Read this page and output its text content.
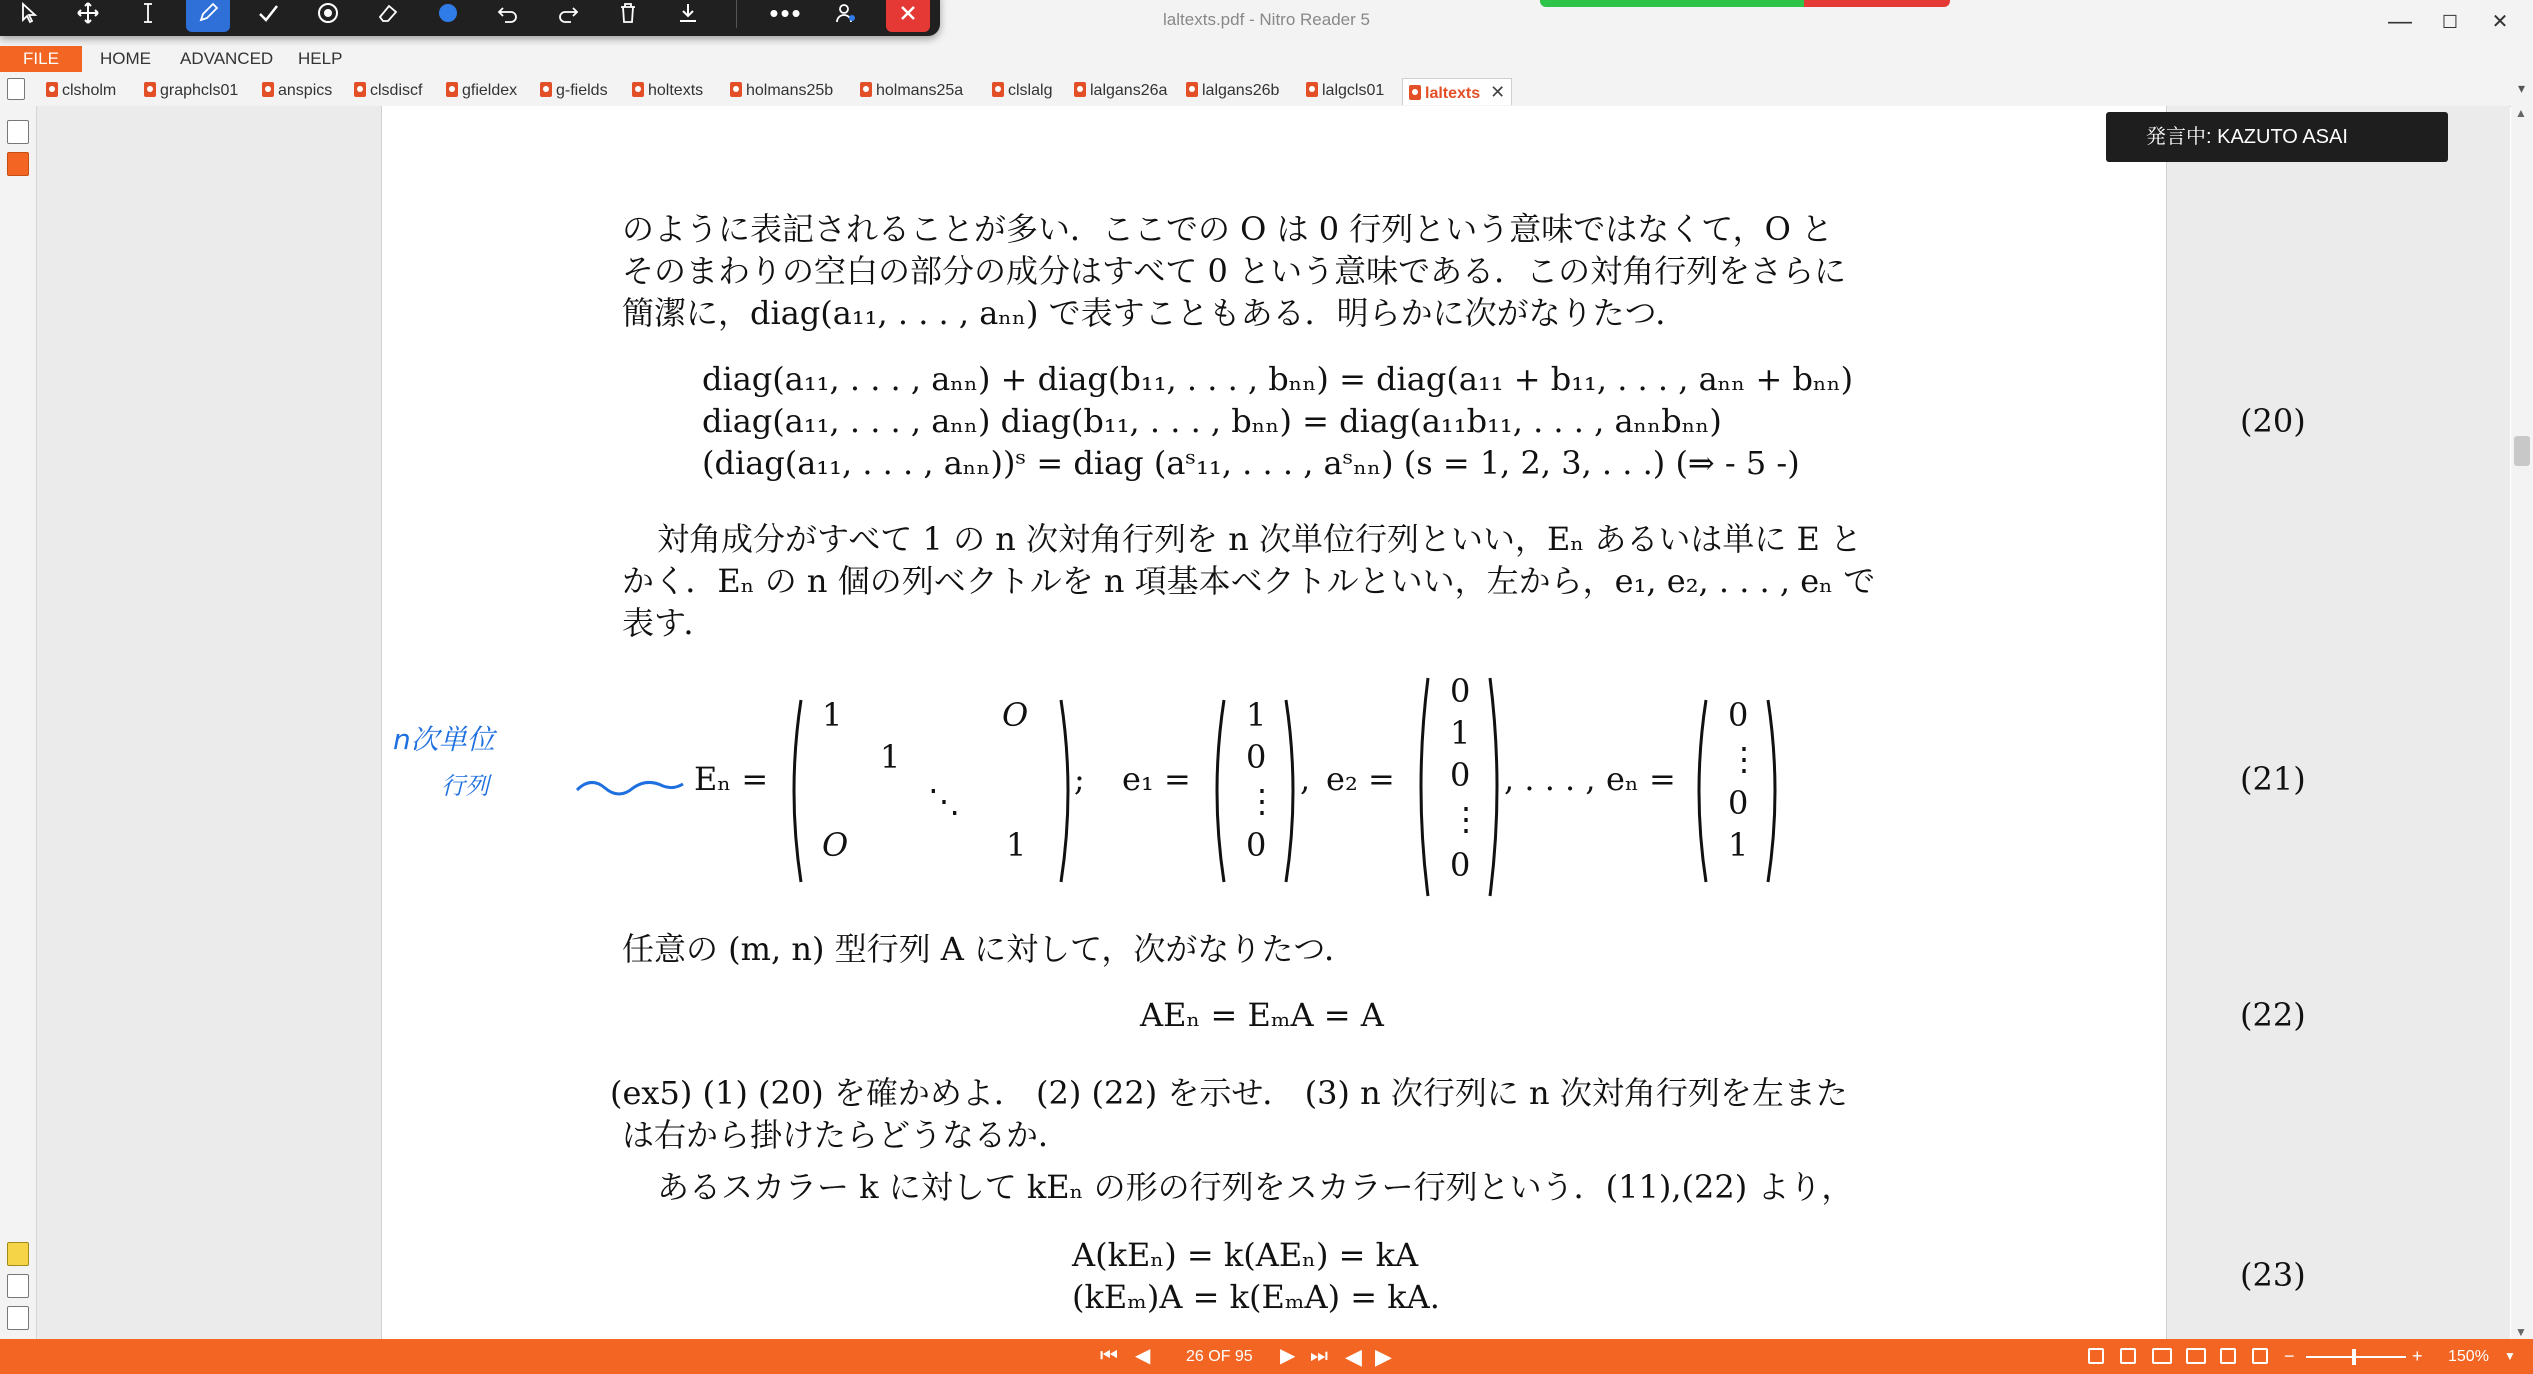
laltexts.pdf - Nitro Reader 5	—	☐	✕
•••
FILE	HOME ADVANCED HELP
clsholm	graphcls01	anspics	clsdiscf	gfieldex	g-fields	holtexts	holmans25b	holmans25a	clslalg	lalgans26a	lalgans26b	lalgcls01	laltexts ✕	▾
のように表記されることが多い．ここでの O は 0 行列という意味ではなくて，O と
そのまわりの空白の部分の成分はすべて 0 という意味である．この対角行列をさらに
簡潔に，diag(a₁₁, . . . , aₙₙ) で表すこともある．明らかに次がなりたつ．
diag(a₁₁, . . . , aₙₙ) + diag(b₁₁, . . . , bₙₙ) = diag(a₁₁ + b₁₁, . . . , aₙₙ + bₙₙ)
diag(a₁₁, . . . , aₙₙ) diag(b₁₁, . . . , bₙₙ) = diag(a₁₁b₁₁, . . . , aₙₙbₙₙ)
(diag(a₁₁, . . . , aₙₙ))ˢ = diag (aˢ₁₁, . . . , aˢₙₙ) (s = 1, 2, 3, . . .) (⇒ - 5 -)
(20)
対角成分がすべて 1 の n 次対角行列を n 次単位行列といい，Eₙ あるいは単に E と
かく．Eₙ の n 個の列ベクトルを n 項基本ベクトルといい，左から，e₁, e₂, . . . , eₙ で
表す．
Eₙ =
1	O
1
⋱
O	1
; e₁ =
1
0
⋮
0
, e₂ =
0
1
0
⋮
0
, . . . , eₙ =
0
⋮
0
1
(21)
任意の (m, n) 型行列 A に対して，次がなりたつ．
AEₙ = EₘA = A	(22)
(ex5) (1) (20) を確かめよ． (2) (22) を示せ． (3) n 次行列に n 次対角行列を左また
は右から掛けたらどうなるか．
あるスカラー k に対して kEₙ の形の行列をスカラー行列という．(11),(22) より，
A(kEₙ) = k(AEₙ) = kA
(kEₘ)A = k(EₘA) = kA.
(23)
n次単位
行列
▲
▼
発言中: KAZUTO ASAI
⏮ ◀ 26 OF 95 ▶ ⏭ ◀ ▶	−	+ 150% ▼
